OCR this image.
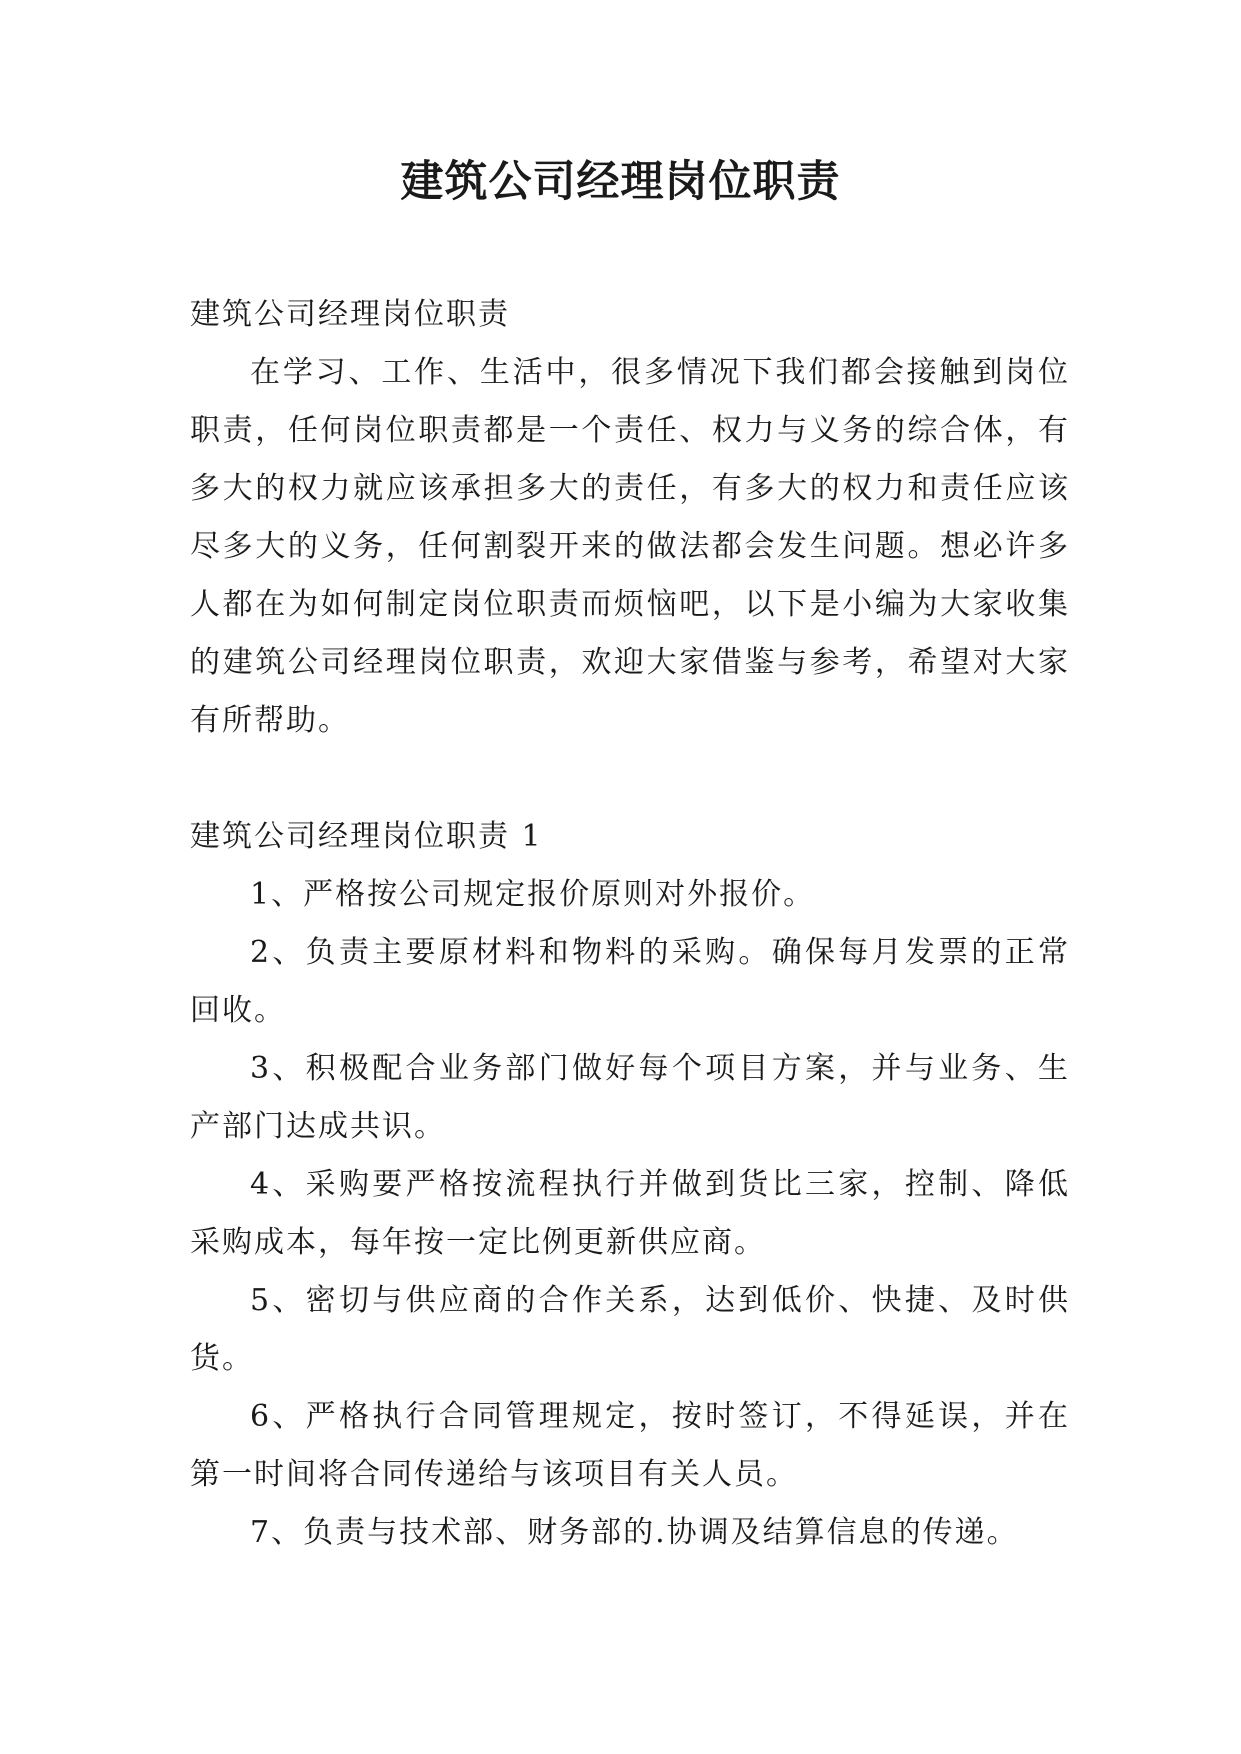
建筑公司经理岗位职责

建筑公司经理岗位职责

在学习、工作、生活中，很多情况下我们都会接触到岗位职责，任何岗位职责都是一个责任、权力与义务的综合体，有多大的权力就应该承担多大的责任，有多大的权力和责任应该尽多大的义务，任何割裂开来的做法都会发生问题。想必许多人都在为如何制定岗位职责而烦恼吧，以下是小编为大家收集的建筑公司经理岗位职责，欢迎大家借鉴与参考，希望对大家有所帮助。

建筑公司经理岗位职责 1

1、严格按公司规定报价原则对外报价。

2、负责主要原材料和物料的采购。确保每月发票的正常回收。

3、积极配合业务部门做好每个项目方案，并与业务、生产部门达成共识。

4、采购要严格按流程执行并做到货比三家，控制、降低采购成本，每年按一定比例更新供应商。

5、密切与供应商的合作关系，达到低价、快捷、及时供货。

6、严格执行合同管理规定，按时签订，不得延误，并在第一时间将合同传递给与该项目有关人员。

7、负责与技术部、财务部的.协调及结算信息的传递。
